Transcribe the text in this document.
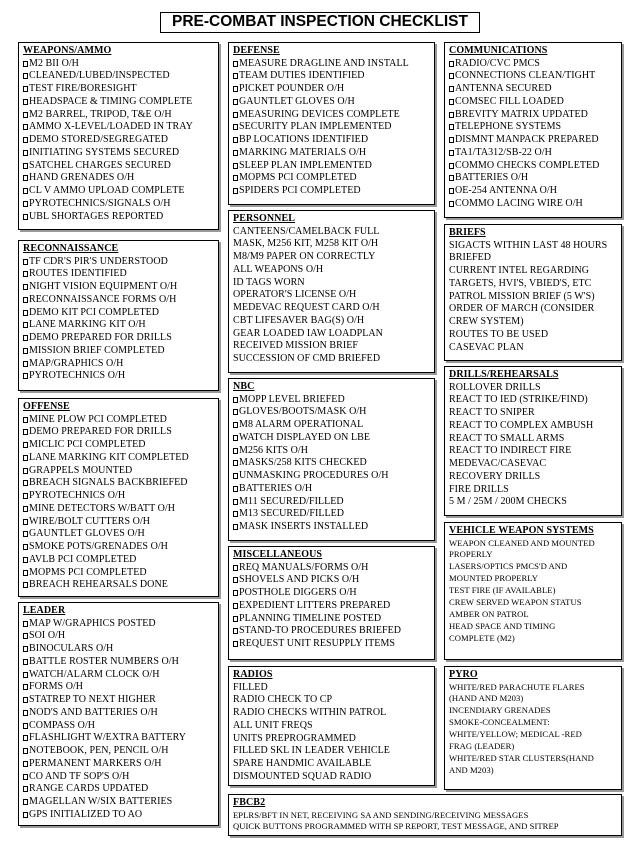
PRE-COMBAT INSPECTION CHECKLIST
WEAPONS/AMMO
M2 BII O/H
CLEANED/LUBED/INSPECTED
TEST FIRE/BORESIGHT
HEADSPACE & TIMING COMPLETE
M2 BARREL, TRIPOD, T&E O/H
AMMO X-LEVEL/LOADED IN TRAY
DEMO STORED/SEGREGATED
INITIATING SYSTEMS SECURED
SATCHEL CHARGES SECURED
HAND GRENADES O/H
CL V AMMO UPLOAD COMPLETE
PYROTECHNICS/SIGNALS O/H
UBL SHORTAGES REPORTED
RECONNAISSANCE
TF CDR'S PIR'S UNDERSTOOD
ROUTES IDENTIFIED
NIGHT VISION EQUIPMENT O/H
RECONNAISSANCE FORMS O/H
DEMO KIT PCI COMPLETED
LANE MARKING KIT O/H
DEMO PREPARED FOR DRILLS
MISSION BRIEF COMPLETED
MAP/GRAPHICS O/H
PYROTECHNICS O/H
OFFENSE
MINE PLOW PCI COMPLETED
DEMO PREPARED FOR DRILLS
MICLIC PCI COMPLETED
LANE MARKING KIT COMPLETED
GRAPPELS MOUNTED
BREACH SIGNALS BACKBRIEFED
PYROTECHNICS O/H
MINE DETECTORS W/BATT O/H
WIRE/BOLT CUTTERS O/H
GAUNTLET GLOVES O/H
SMOKE POTS/GRENADES O/H
AVLB PCI COMPLETED
MOPMS PCI COMPLETED
BREACH REHEARSALS DONE
LEADER
MAP W/GRAPHICS POSTED
SOI O/H
BINOCULARS O/H
BATTLE ROSTER NUMBERS O/H
WATCH/ALARM CLOCK O/H
FORMS O/H
STATREP TO NEXT HIGHER
NOD'S AND BATTERIES O/H
COMPASS O/H
FLASHLIGHT W/EXTRA BATTERY
NOTEBOOK, PEN, PENCIL O/H
PERMANENT MARKERS O/H
CO AND TF SOP'S O/H
RANGE CARDS UPDATED
MAGELLAN W/SIX BATTERIES
GPS INITIALIZED TO AO
DEFENSE
MEASURE DRAGLINE AND INSTALL
TEAM DUTIES IDENTIFIED
PICKET POUNDER O/H
GAUNTLET GLOVES O/H
MEASURING DEVICES COMPLETE
SECURITY PLAN IMPLEMENTED
BP LOCATIONS IDENTIFIED
MARKING MATERIALS O/H
SLEEP PLAN IMPLEMENTED
MOPMS PCI COMPLETED
SPIDERS PCI COMPLETED
PERSONNEL
CANTEENS/CAMELBACK FULL
MASK, M256 KIT, M258 KIT O/H
M8/M9 PAPER ON CORRECTLY
ALL WEAPONS O/H
ID TAGS WORN
OPERATOR'S LICENSE O/H
MEDEVAC REQUEST CARD O/H
CBT LIFESAVER BAG(S) O/H
GEAR LOADED IAW LOADPLAN
RECEIVED MISSION BRIEF
SUCCESSION OF CMD BRIEFED
NBC
MOPP LEVEL BRIEFED
GLOVES/BOOTS/MASK O/H
M8 ALARM OPERATIONAL
WATCH DISPLAYED ON LBE
M256 KITS O/H
MASKS/258 KITS CHECKED
UNMASKING PROCEDURES O/H
BATTERIES O/H
M11 SECURED/FILLED
M13 SECURED/FILLED
MASK INSERTS INSTALLED
MISCELLANEOUS
REQ MANUALS/FORMS O/H
SHOVELS AND PICKS O/H
POSTHOLE DIGGERS O/H
EXPEDIENT LITTERS PREPARED
PLANNING TIMELINE POSTED
STAND-TO PROCEDURES BRIEFED
REQUEST UNIT RESUPPLY ITEMS
RADIOS
FILLED
RADIO CHECK TO CP
RADIO CHECKS WITHIN PATROL
ALL UNIT FREQS
UNITS PREPROGRAMMED
FILLED SKL IN LEADER VEHICLE
SPARE HANDMIC AVAILABLE
DISMOUNTED SQUAD RADIO
COMMUNICATIONS
RADIO/CVC PMCS
CONNECTIONS CLEAN/TIGHT
ANTENNA SECURED
COMSEC FILL LOADED
BREVITY MATRIX UPDATED
TELEPHONE SYSTEMS
DISMNT MANPACK PREPARED
TA1/TA312/SB-22 O/H
COMMO CHECKS COMPLETED
BATTERIES O/H
OE-254 ANTENNA O/H
COMMO LACING WIRE O/H
BRIEFS
SIGACTS WITHIN LAST 48 HOURS
BRIEFED
CURRENT INTEL REGARDING
TARGETS, HVI'S, VBIED'S, ETC
PATROL MISSION BRIEF (5 W'S)
ORDER OF MARCH (CONSIDER
CREW SYSTEM)
ROUTES TO BE USED
CASEVAC PLAN
DRILLS/REHEARSALS
ROLLOVER DRILLS
REACT TO IED (STRIKE/FIND)
REACT TO SNIPER
REACT TO COMPLEX AMBUSH
REACT TO SMALL ARMS
REACT TO INDIRECT FIRE
MEDEVAC/CASEVAC
RECOVERY DRILLS
FIRE DRILLS
5 M / 25M / 200M CHECKS
VEHICLE WEAPON SYSTEMS
WEAPON CLEANED AND MOUNTED
PROPERLY
LASERS/OPTICS PMCS'D AND
MOUNTED PROPERLY
TEST FIRE (IF AVAILABLE)
CREW SERVED WEAPON STATUS
AMBER ON PATROL
HEAD SPACE AND TIMING
COMPLETE (M2)
PYRO
WHITE/RED PARACHUTE FLARES
(HAND AND M203)
INCENDIARY GRENADES
SMOKE-CONCEALMENT:
WHITE/YELLOW; MEDICAL -RED
FRAG (LEADER)
WHITE/RED STAR CLUSTERS(HAND
AND M203)
FBCB2
EPLRS/BFT IN NET, RECEIVING SA AND SENDING/RECEIVING MESSAGES
QUICK BUTTONS PROGRAMMED WITH SP REPORT, TEST MESSAGE, AND SITREP
